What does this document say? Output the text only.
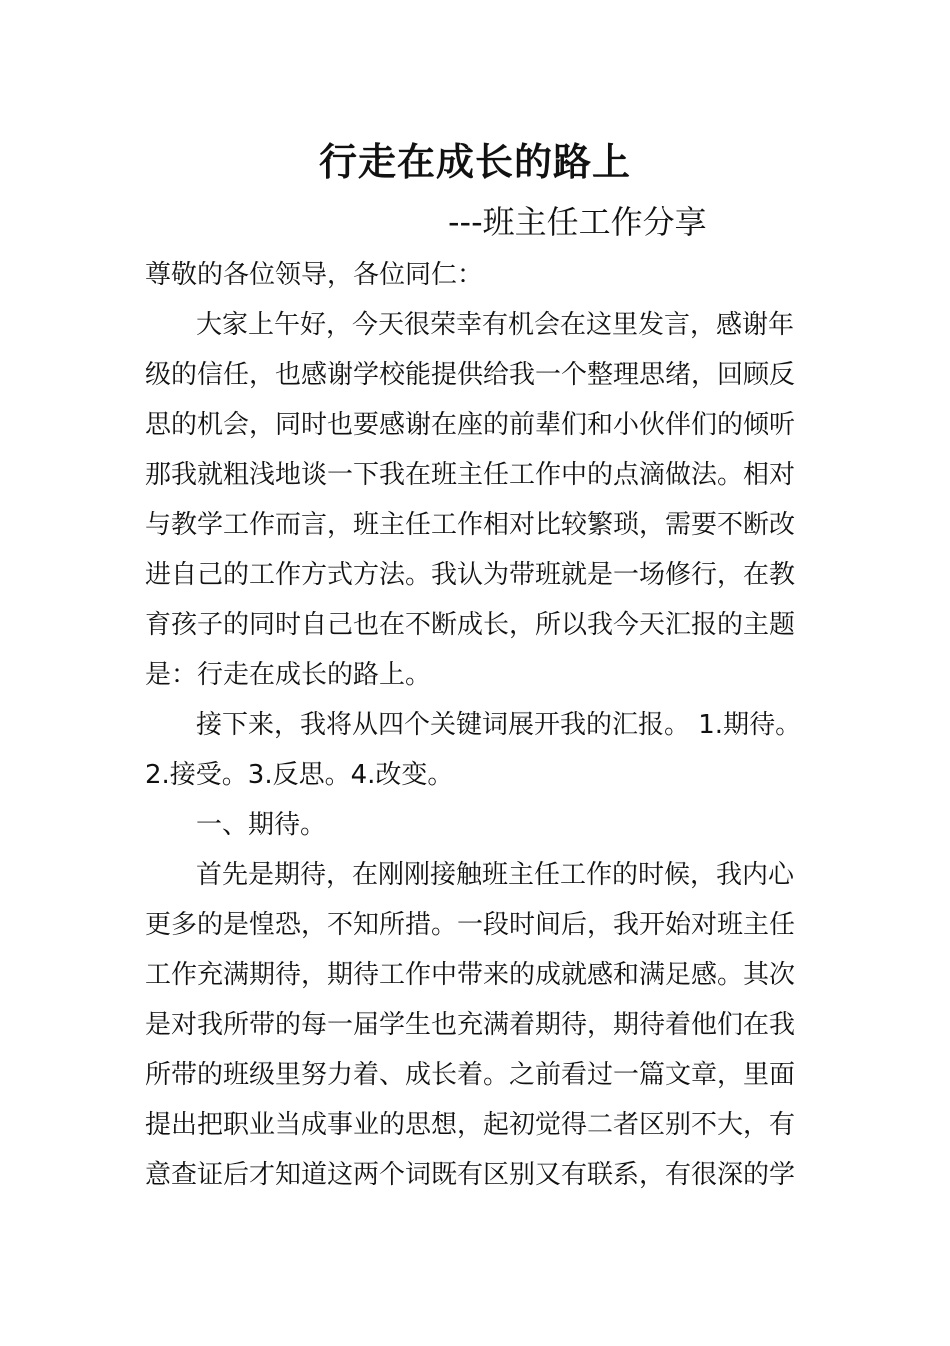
行走在成长的路上
---班主任工作分享
尊敬的各位领导，各位同仁：
大家上午好，今天很荣幸有机会在这里发言，感谢年
级的信任，也感谢学校能提供给我一个整理思绪，回顾反
思的机会，同时也要感谢在座的前辈们和小伙伴们的倾听
那我就粗浅地谈一下我在班主任工作中的点滴做法。相对
与教学工作而言，班主任工作相对比较繁琐，需要不断改
进自己的工作方式方法。我认为带班就是一场修行，在教
育孩子的同时自己也在不断成长，所以我今天汇报的主题
是：行走在成长的路上。
接下来，我将从四个关键词展开我的汇报。 1.期待。
2.接受。3.反思。4.改变。
一、期待。
首先是期待，在刚刚接触班主任工作的时候，我内心
更多的是惶恐，不知所措。一段时间后，我开始对班主任
工作充满期待，期待工作中带来的成就感和满足感。其次
是对我所带的每一届学生也充满着期待，期待着他们在我
所带的班级里努力着、成长着。之前看过一篇文章，里面
提出把职业当成事业的思想，起初觉得二者区别不大，有
意查证后才知道这两个词既有区别又有联系，有很深的学
